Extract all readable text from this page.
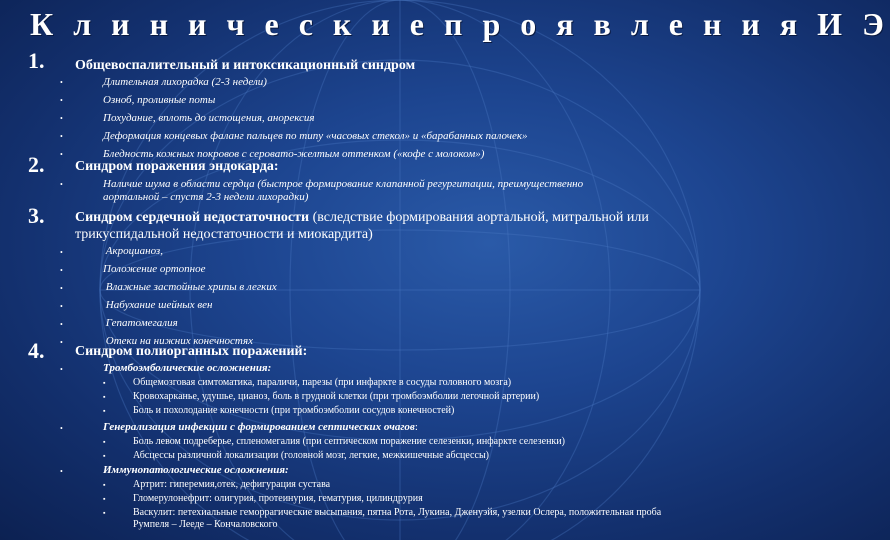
К л и н и ч е с к и е п р о я в л е н и я И Э
1. Общевоспалительный и интоксикационный синдром
•	Длительная лихорадка (2-3 недели)
•	Озноб, проливные поты
•	Похудание, вплоть до истощения, анорексия
•	Деформация концевых фаланг пальцев по типу «часовых стекол» и «барабанных палочек»
•	Бледность кожных покровов с сероватo-желтым оттенком («кофе с молоком»)
2. Синдром поражения эндокарда:
•	Наличие шума в области сердца (быстрое формирование клапанной регургитации, преимущественно аортальной – спустя 2-3 недели лихорадки)
3. Синдром сердечной недостаточности (вследствие формирования аортальной, митральной или трикуспидальной недостаточности и миокардита)
•	Акроцианоз,
•	Положение ортопное
•	Влажные застойные хрипы в легких
•	Набухание шейных вен
•	Гепатомегалия
•	Отеки на нижних конечностях
4. Синдром полиорганных поражений:
•	Тромбоэмболические осложнения:
▪	Общемозговая симтоматика, параличи, парезы (при инфаркте в сосуды головного мозга)
▪	Кровохарканье, удушье, цианоз, боль в грудной клетки (при тромбоэмболии легочной артерии)
▪	Боль и похолодание конечности (при тромбоэмболии сосудов конечностей)
•	Генерализация инфекции с формированием септических очагов:
▪	Боль левом подреберье, спленомегалия (при септическом поражение селезенки, инфаркте селезенки)
▪	Абсцессы различной локализации (головной мозг, легкие, межкишечные абсцессы)
•	Иммунопатологические осложнения:
▪	Артрит: гиперемия,отек, дефигурация сустава
▪	Гломерулонефрит: олигурия, протеинурия, гематурия, цилиндрурия
▪	Васкулит: петехиальные геморрагические высыпания, пятна Рота, Лукина, Дженуэйя, узелки Ослера, положительная проба Румпеля – Леедe – Кончаловского
